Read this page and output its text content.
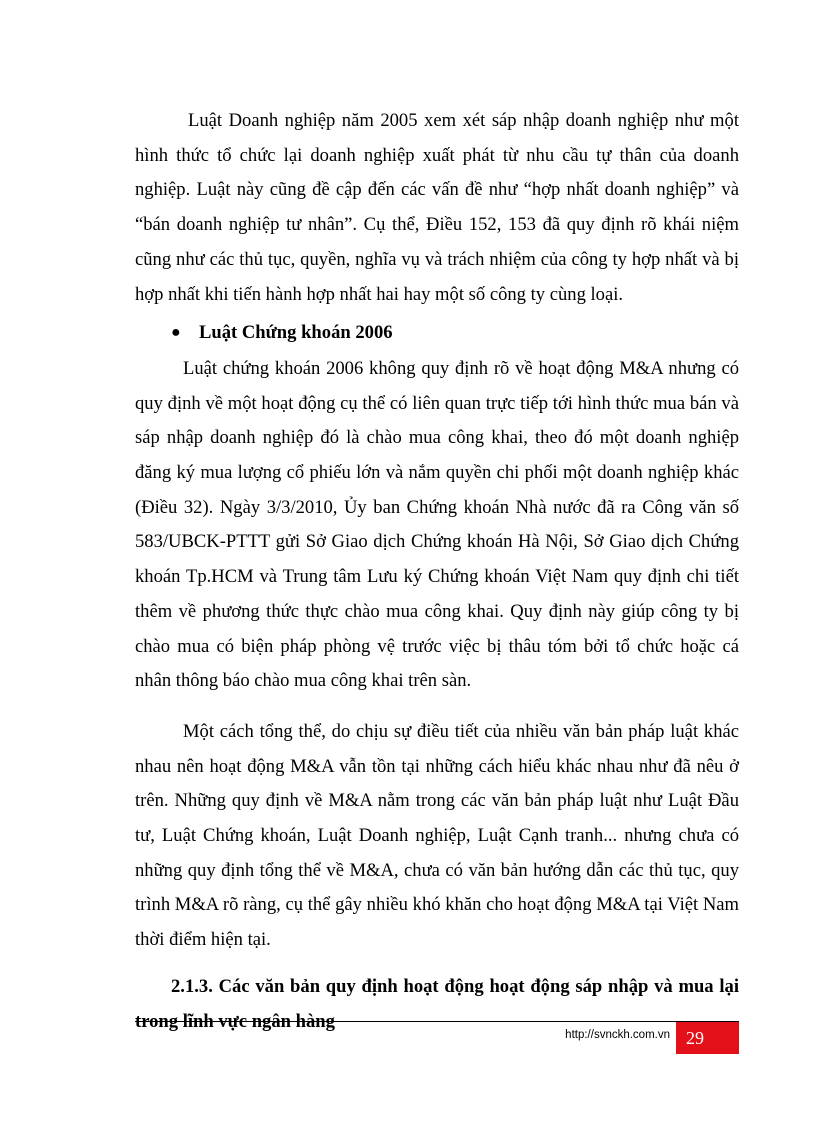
Luật Doanh nghiệp năm 2005 xem xét sáp nhập doanh nghiệp như một hình thức tổ chức lại doanh nghiệp xuất phát từ nhu cầu tự thân của doanh nghiệp. Luật này cũng đề cập đến các vấn đề như “hợp nhất doanh nghiệp” và “bán doanh nghiệp tư nhân”. Cụ thể, Điều 152, 153 đã quy định rõ khái niệm cũng như các thủ tục, quyền, nghĩa vụ và trách nhiệm của công ty hợp nhất và bị hợp nhất khi tiến hành hợp nhất hai hay một số công ty cùng loại.

● Luật Chứng khoán 2006

Luật chứng khoán 2006 không quy định rõ về hoạt động M&A nhưng có quy định về một hoạt động cụ thể có liên quan trực tiếp tới hình thức mua bán và sáp nhập doanh nghiệp đó là chào mua công khai, theo đó một doanh nghiệp đăng ký mua lượng cổ phiếu lớn và nắm quyền chi phối một doanh nghiệp khác (Điều 32). Ngày 3/3/2010, Ủy ban Chứng khoán Nhà nước đã ra Công văn số 583/UBCK-PTTT gửi Sở Giao dịch Chứng khoán Hà Nội, Sở Giao dịch Chứng khoán Tp.HCM và Trung tâm Lưu ký Chứng khoán Việt Nam quy định chi tiết thêm về phương thức thực chào mua công khai. Quy định này giúp công ty bị chào mua có biện pháp phòng vệ trước việc bị thâu tóm bởi tổ chức hoặc cá nhân thông báo chào mua công khai trên sàn.

Một cách tổng thể, do chịu sự điều tiết của nhiều văn bản pháp luật khác nhau nên hoạt động M&A vẫn tồn tại những cách hiểu khác nhau như đã nêu ở trên. Những quy định về M&A nằm trong các văn bản pháp luật như Luật Đầu tư, Luật Chứng khoán, Luật Doanh nghiệp, Luật Cạnh tranh... nhưng chưa có những quy định tổng thể về M&A, chưa có văn bản hướng dẫn các thủ tục, quy trình M&A rõ ràng, cụ thể gây nhiều khó khăn cho hoạt động M&A tại Việt Nam thời điểm hiện tại.

2.1.3. Các văn bản quy định hoạt động hoạt động sáp nhập và mua lại trong lĩnh vực ngân hàng

http://svnckh.com.vn 29
